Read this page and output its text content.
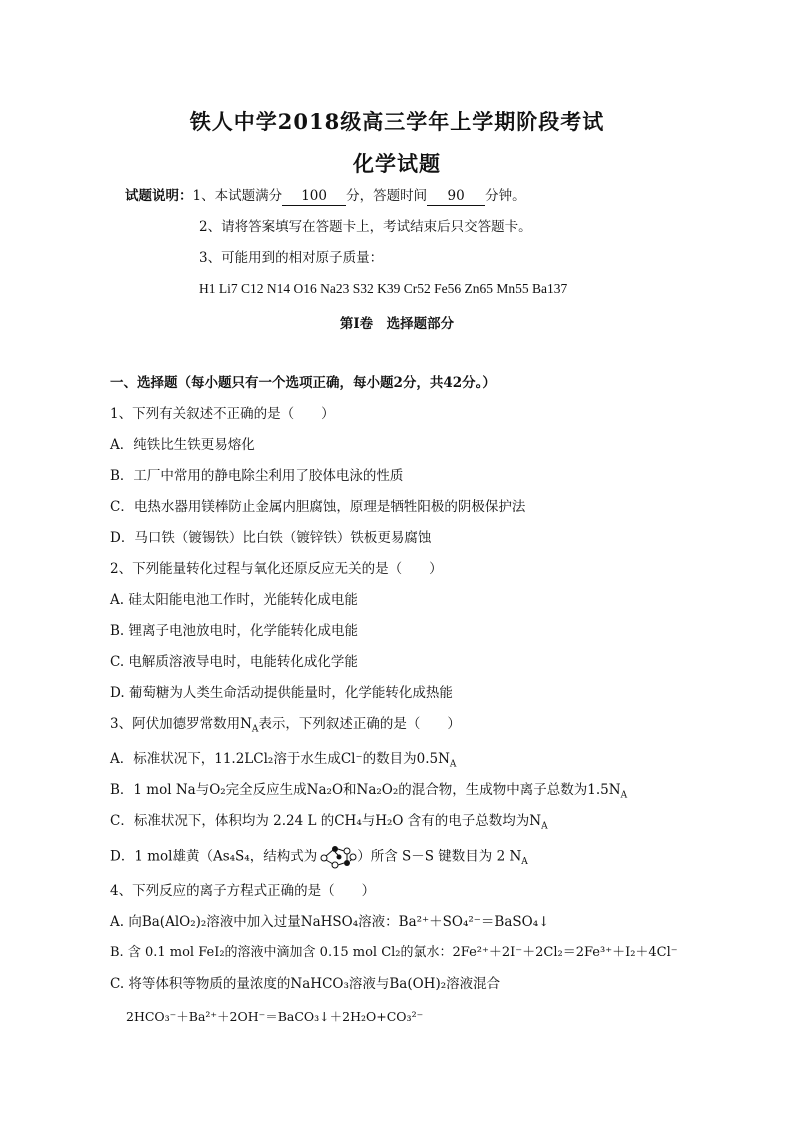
铁人中学2018级高三学年上学期阶段考试
化学试题
试题说明：1、本试题满分 100 分，答题时间 90 分钟。
2、请将答案填写在答题卡上，考试结束后只交答题卡。
3、可能用到的相对原子质量：
H1 Li7 C12 N14 O16 Na23 S32 K39 Cr52 Fe56 Zn65 Mn55 Ba137
第Ⅰ卷　选择题部分
一、选择题（每小题只有一个选项正确，每小题2分，共42分。）
1、下列有关叙述不正确的是（　　）
A．纯铁比生铁更易熔化
B．工厂中常用的静电除尘利用了胶体电泳的性质
C．电热水器用镁棒防止金属内胆腐蚀，原理是牺牲阳极的阴极保护法
D．马口铁（镀锡铁）比白铁（镀锌铁）铁板更易腐蚀
2、下列能量转化过程与氧化还原反应无关的是（　　）
A. 硅太阳能电池工作时，光能转化成电能
B. 锂离子电池放电时，化学能转化成电能
C. 电解质溶液导电时，电能转化成化学能
D. 葡萄糖为人类生命活动提供能量时，化学能转化成热能
3、阿伏加德罗常数用$N_A$表示，下列叙述正确的是（　　）
A．标准状况下，11.2LCl₂溶于水生成Cl⁻的数目为$0.5N_A$
B．1 mol Na与O₂完全反应生成Na₂O和Na₂O₂的混合物，生成物中离子总数为$1.5N_A$
C．标准状况下，体积均为 2.24 L 的CH₄与H₂O 含有的电子总数均为$N_A$
D．1 mol雄黄（As₄S₄，结构式为	）所含 S－S 键数目为 2 $N_A$
4、下列反应的离子方程式正确的是（　　）
A. 向Ba(AlO₂)₂溶液中加入过量NaHSO₄溶液：Ba²⁺＋SO₄²⁻＝BaSO₄↓
B. 含 0.1 mol FeI₂的溶液中滴加含 0.15 mol Cl₂的氯水：2Fe²⁺＋2I⁻＋2Cl₂＝2Fe³⁺＋I₂＋4Cl⁻
C. 将等体积等物质的量浓度的NaHCO₃溶液与Ba(OH)₂溶液混合
2HCO₃⁻＋Ba²⁺＋2OH⁻＝BaCO₃↓＋2H₂O+CO₃²⁻
